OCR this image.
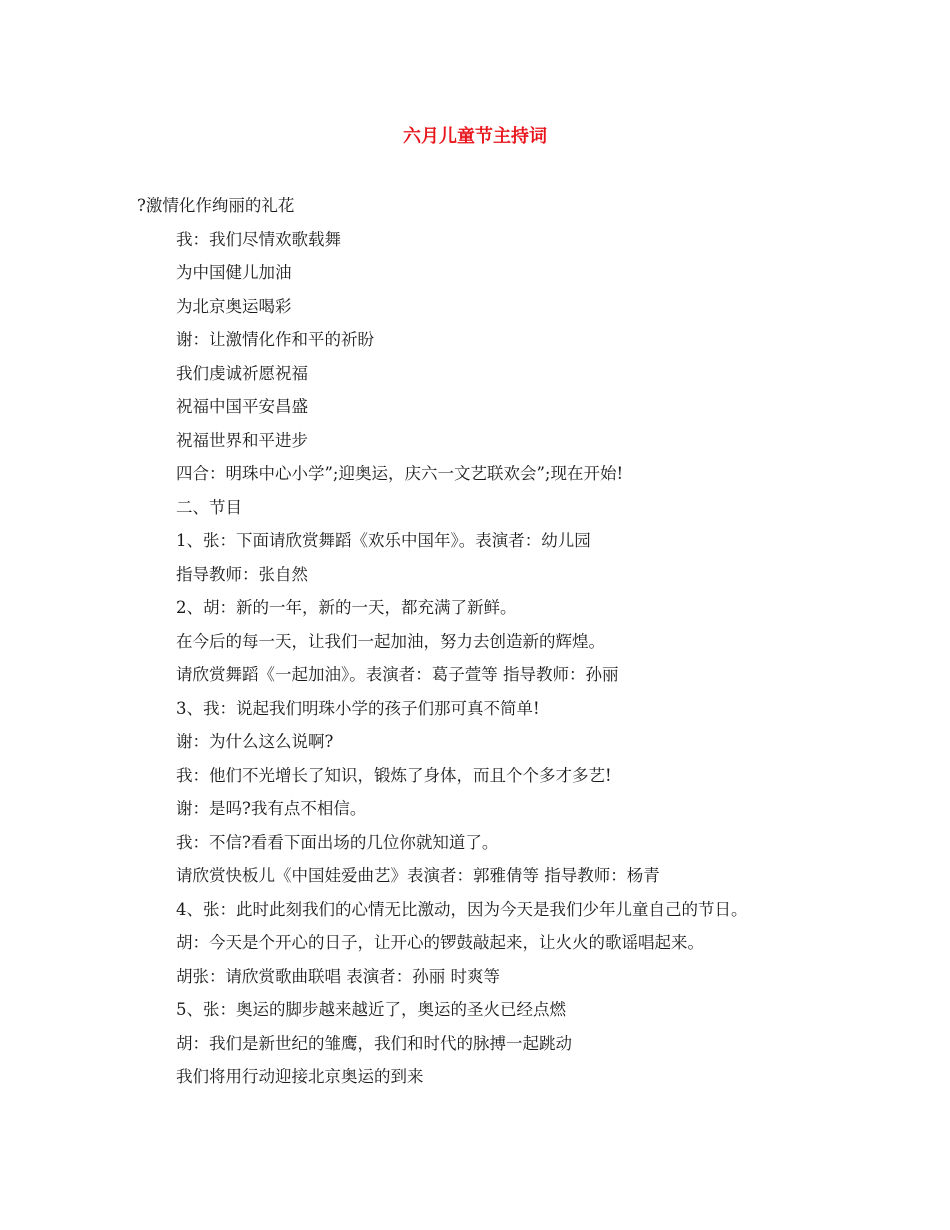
六月儿童节主持词
?激情化作绚丽的礼花
我：我们尽情欢歌载舞
为中国健儿加油
为北京奥运喝彩
谢：让激情化作和平的祈盼
我们虔诚祈愿祝福
祝福中国平安昌盛
祝福世界和平进步
四合：明珠中心小学”;迎奥运，庆六一文艺联欢会”;现在开始!
二、节目
1、张：下面请欣赏舞蹈《欢乐中国年》。表演者：幼儿园
指导教师：张自然
2、胡：新的一年，新的一天，都充满了新鲜。
在今后的每一天，让我们一起加油，努力去创造新的辉煌。
请欣赏舞蹈《一起加油》。表演者：葛子萱等 指导教师：孙丽
3、我：说起我们明珠小学的孩子们那可真不简单!
谢：为什么这么说啊?
我：他们不光增长了知识，锻炼了身体，而且个个多才多艺!
谢：是吗?我有点不相信。
我：不信?看看下面出场的几位你就知道了。
请欣赏快板儿《中国娃爱曲艺》表演者：郭雅倩等 指导教师：杨青
4、张：此时此刻我们的心情无比激动，因为今天是我们少年儿童自己的节日。
胡：今天是个开心的日子，让开心的锣鼓敲起来，让火火的歌谣唱起来。
胡张：请欣赏歌曲联唱 表演者：孙丽 时爽等
5、张：奥运的脚步越来越近了，奥运的圣火已经点燃
胡：我们是新世纪的雏鹰，我们和时代的脉搏一起跳动
我们将用行动迎接北京奥运的到来
